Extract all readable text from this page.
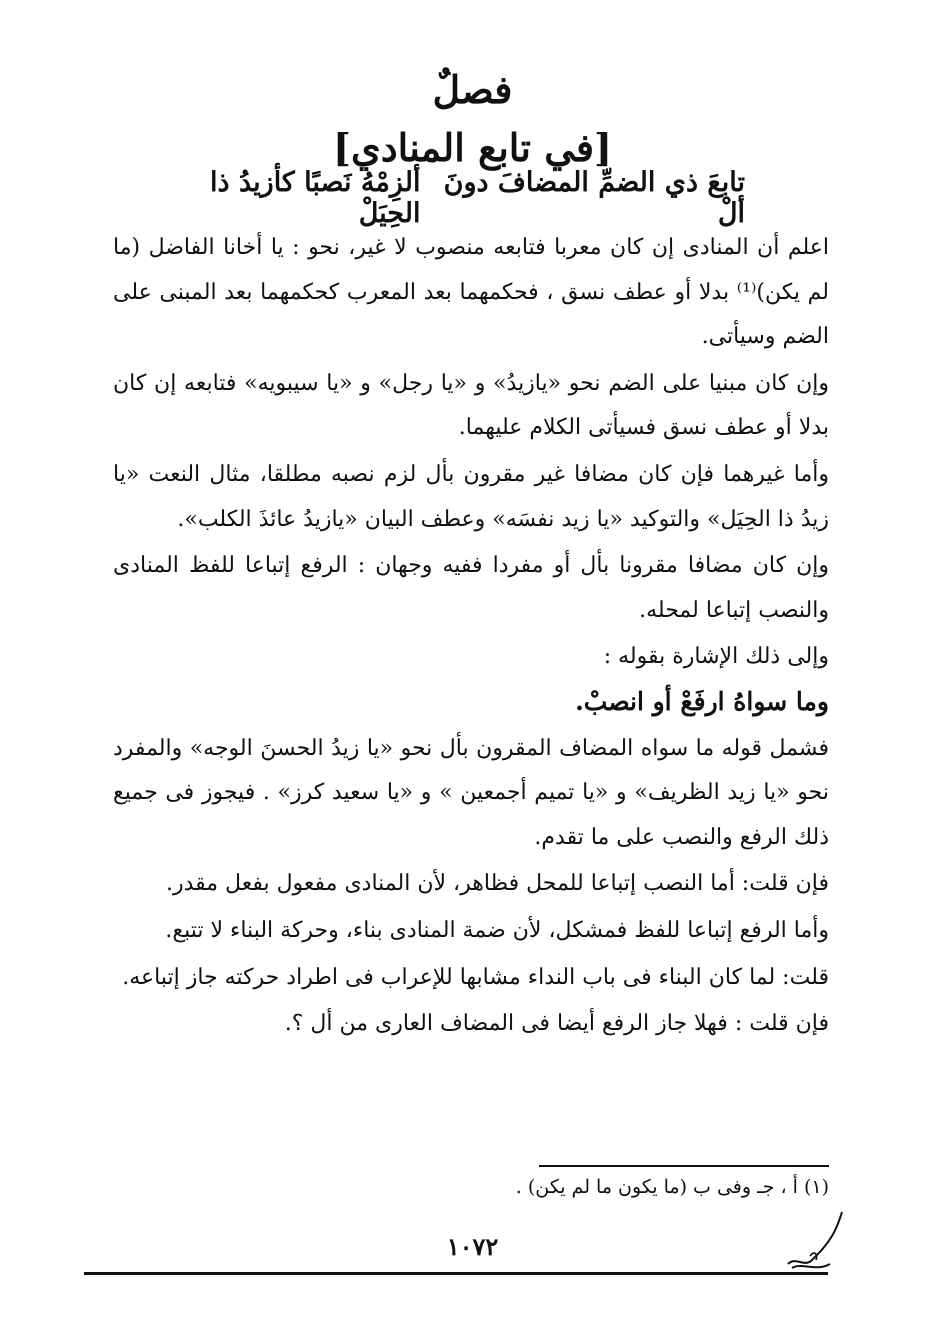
فصلٌ
[في تابع المنادي]
تابعَ ذي الضمِّ المضافَ دونَ ألْ
ألزِمْهُ نَصبًا كأزيدُ ذا الحِيَلْ

اعلم أن المنادى إن كان معربا فتابعه منصوب لا غير، نحو : يا أخانا الفاضل (ما لم يكن)⁽¹⁾ بدلا أو عطف نسق ، فحكمهما بعد المعرب كحكمهما بعد المبنى على الضم وسيأتى.

وإن كان مبنيا على الضم نحو «يازيدُ» و «يا رجل» و «يا سيبويه» فتابعه إن كان بدلا أو عطف نسق فسيأتى الكلام عليهما.

وأما غيرهما فإن كان مضافا غير مقرون بأل لزم نصبه مطلقا، مثال النعت «يا زيدُ ذا الحِيَل» والتوكيد «يا زيد نفسَه» وعطف البيان «يازيدُ عائذَ الكلب».

وإن كان مضافا مقرونا بأل أو مفردا ففيه وجهان : الرفع إتباعا للفظ المنادى والنصب إتباعا لمحله.

وإلى ذلك الإشارة بقوله :

وما سواهُ ارفَعْ أو انصبْ.

فشمل قوله ما سواه المضاف المقرون بأل نحو «يا زيدُ الحسنَ الوجه» والمفرد نحو «يا زيد الظريف» و «يا تميم أجمعين » و «يا سعيد كرز» . فيجوز فى جميع ذلك الرفع والنصب على ما تقدم.

فإن قلت: أما النصب إتباعا للمحل فظاهر، لأن المنادى مفعول بفعل مقدر.

وأما الرفع إتباعا للفظ فمشكل، لأن ضمة المنادى بناء، وحركة البناء لا تتبع.

قلت: لما كان البناء فى باب النداء مشابها للإعراب فى اطراد حركته جاز إتباعه.

فإن قلت : فهلا جاز الرفع أيضا فى المضاف العارى من أل ؟.

(١) أ ، جـ وفى ب (ما يكون ما لم يكن) .
١٠٧٢
